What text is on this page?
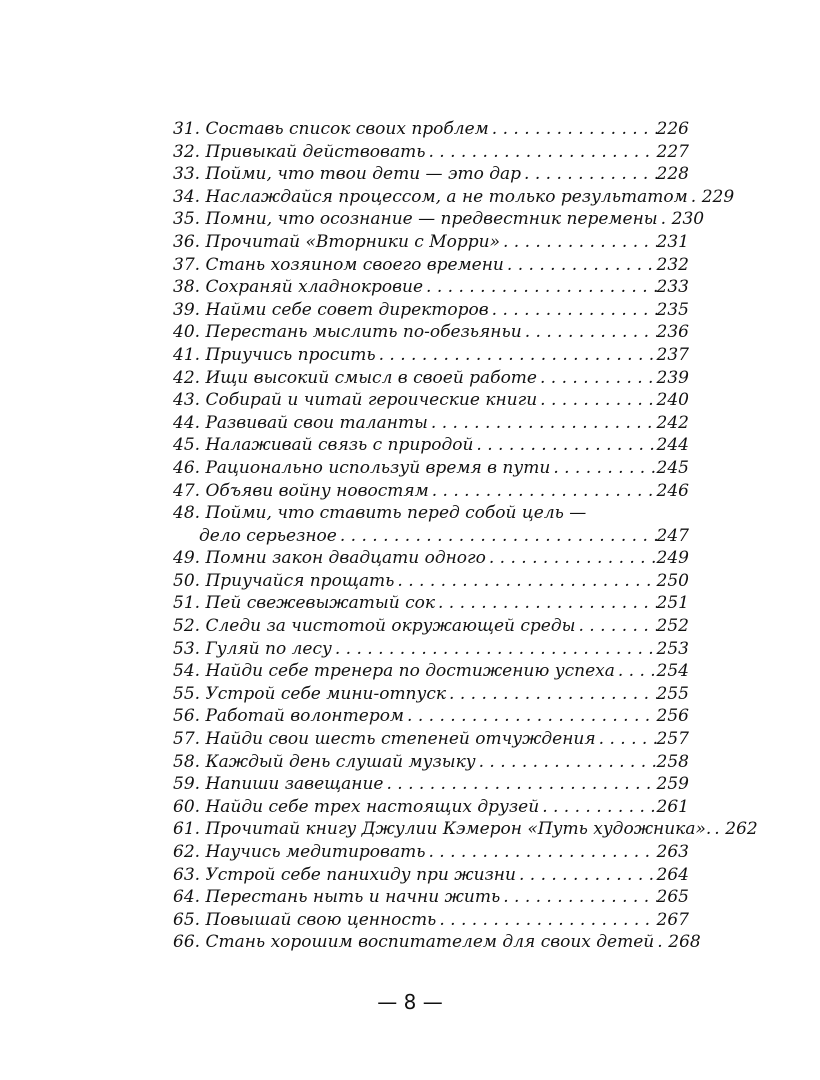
31. Составь список своих проблем . . .	226
32. Привыкай действовать . . .	227
33. Пойми, что твои дети — это дар . . .	228
34. Наслаждайся процессом, а не только результатом . . . 229
35. Помни, что осознание — предвестник перемены . . . 230
36. Прочитай «Вторники с Морри» . . .	231
37. Стань хозяином своего времени . . .	232
38. Сохраняй хладнокровие . . .	233
39. Найми себе совет директоров . . .	235
40. Перестань мыслить по-обезьяньи . . .	236
41. Приучись просить . . .	237
42. Ищи высокий смысл в своей работе . . .	239
43. Собирай и читай героические книги . . .	240
44. Развивай свои таланты . . .	242
45. Налаживай связь с природой . . .	244
46. Рационально используй время в пути . . .	245
47. Объяви войну новостям . . .	246
48. Пойми, что ставить перед собой цель —
дело серьезное . . .	247
49. Помни закон двадцати одного . . .	249
50. Приучайся прощать . . .	250
51. Пей свежевыжатый сок . . .	251
52. Следи за чистотой окружающей среды . . .	252
53. Гуляй по лесу . . .	253
54. Найди себе тренера по достижению успеха . . . 254
55. Устрой себе мини-отпуск . . .	255
56. Работай волонтером . . .	256
57. Найди свои шесть степеней отчуждения . . .	257
58. Каждый день слушай музыку . . .	258
59. Напиши завещание . . .	259
60. Найди себе трех настоящих друзей . . .	261
61. Прочитай книгу Джулии Кэмерон «Путь художника». . . . 262
62. Научись медитировать . . .	263
63. Устрой себе панихиду при жизни . . .	264
64. Перестань ныть и начни жить . . .	265
65. Повышай свою ценность . . .	267
66. Стань хорошим воспитателем для своих детей . . . 268
— 8 —
